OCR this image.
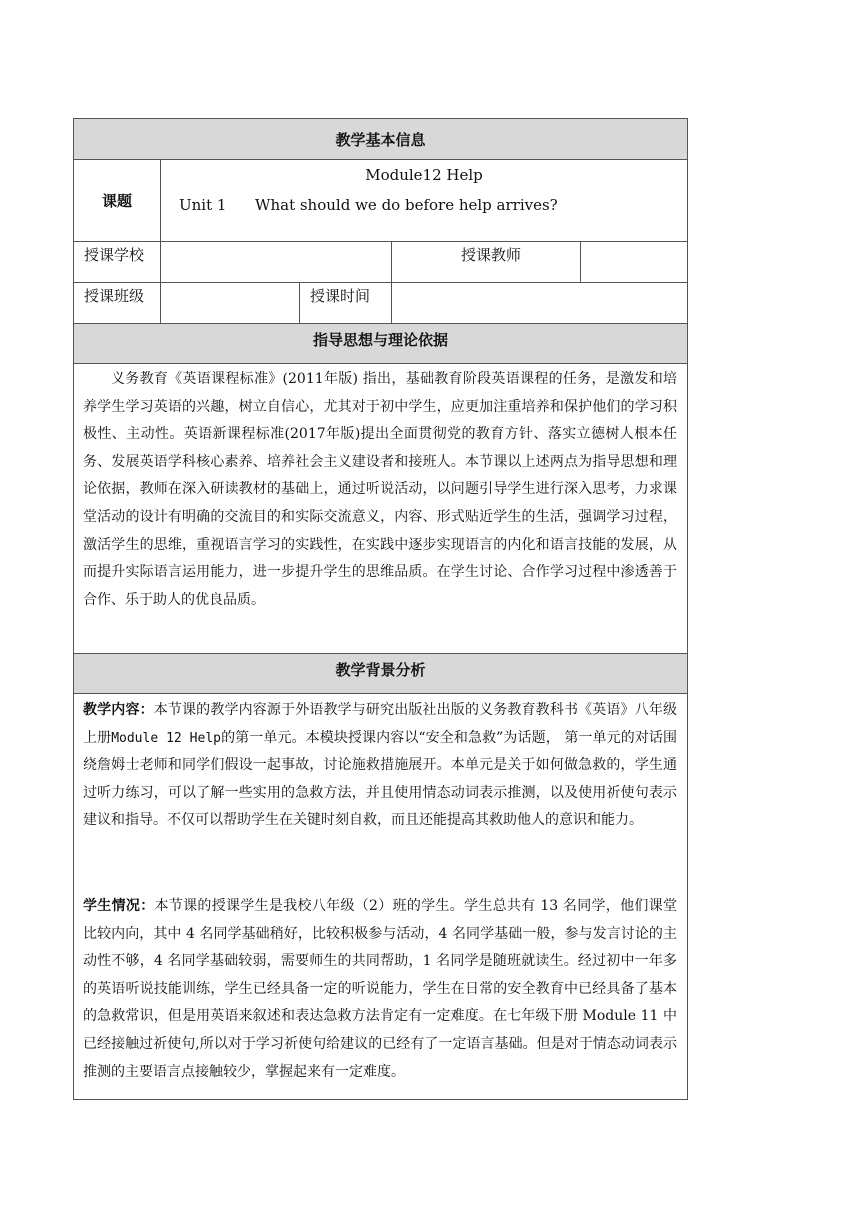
教学基本信息				

课题	Module12 Help
Unit 1      What should we do before help arrives?			

授课学校			授课教师	

授课班级		授课时间		

指导思想与理论依据				

义务教育《英语课程标准》(2011年版) 指出，基础教育阶段英语课程的任务，是激发和培养学生学习英语的兴趣，树立自信心，尤其对于初中学生，应更加注重培养和保护他们的学习积极性、主动性。英语新课程标准(2017年版)提出全面贯彻党的教育方针、落实立德树人根本任务、发展英语学科核心素养、培养社会主义建设者和接班人。本节课以上述两点为指导思想和理论依据，教师在深入研读教材的基础上，通过听说活动，以问题引导学生进行深入思考，力求课堂活动的设计有明确的交流目的和实际交流意义，内容、形式贴近学生的生活，强调学习过程，激活学生的思维，重视语言学习的实践性，在实践中逐步实现语言的内化和语言技能的发展，从而提升实际语言运用能力，进一步提升学生的思维品质。在学生讨论、合作学习过程中渗透善于合作、乐于助人的优良品质。				

教学背景分析				

教学内容：本节课的教学内容源于外语教学与研究出版社出版的义务教育教科书《英语》八年级上册Module 12 Help的第一单元。本模块授课内容以“安全和急救”为话题， 第一单元的对话围绕詹姆士老师和同学们假设一起事故，讨论施救措施展开。本单元是关于如何做急救的，学生通过听力练习，可以了解一些实用的急救方法，并且使用情态动词表示推测，以及使用祈使句表示建议和指导。不仅可以帮助学生在关键时刻自救，而且还能提高其救助他人的意识和能力。

学生情况：本节课的授课学生是我校八年级（2）班的学生。学生总共有 13 名同学，他们课堂比较内向，其中 4 名同学基础稍好，比较积极参与活动，4 名同学基础一般，参与发言讨论的主动性不够，4 名同学基础较弱，需要师生的共同帮助，1 名同学是随班就读生。经过初中一年多的英语听说技能训练，学生已经具备一定的听说能力，学生在日常的安全教育中已经具备了基本的急救常识，但是用英语来叙述和表达急救方法肯定有一定难度。在七年级下册 Module 11 中已经接触过祈使句,所以对于学习祈使句给建议的已经有了一定语言基础。但是对于情态动词表示推测的主要语言点接触较少，掌握起来有一定难度。				
